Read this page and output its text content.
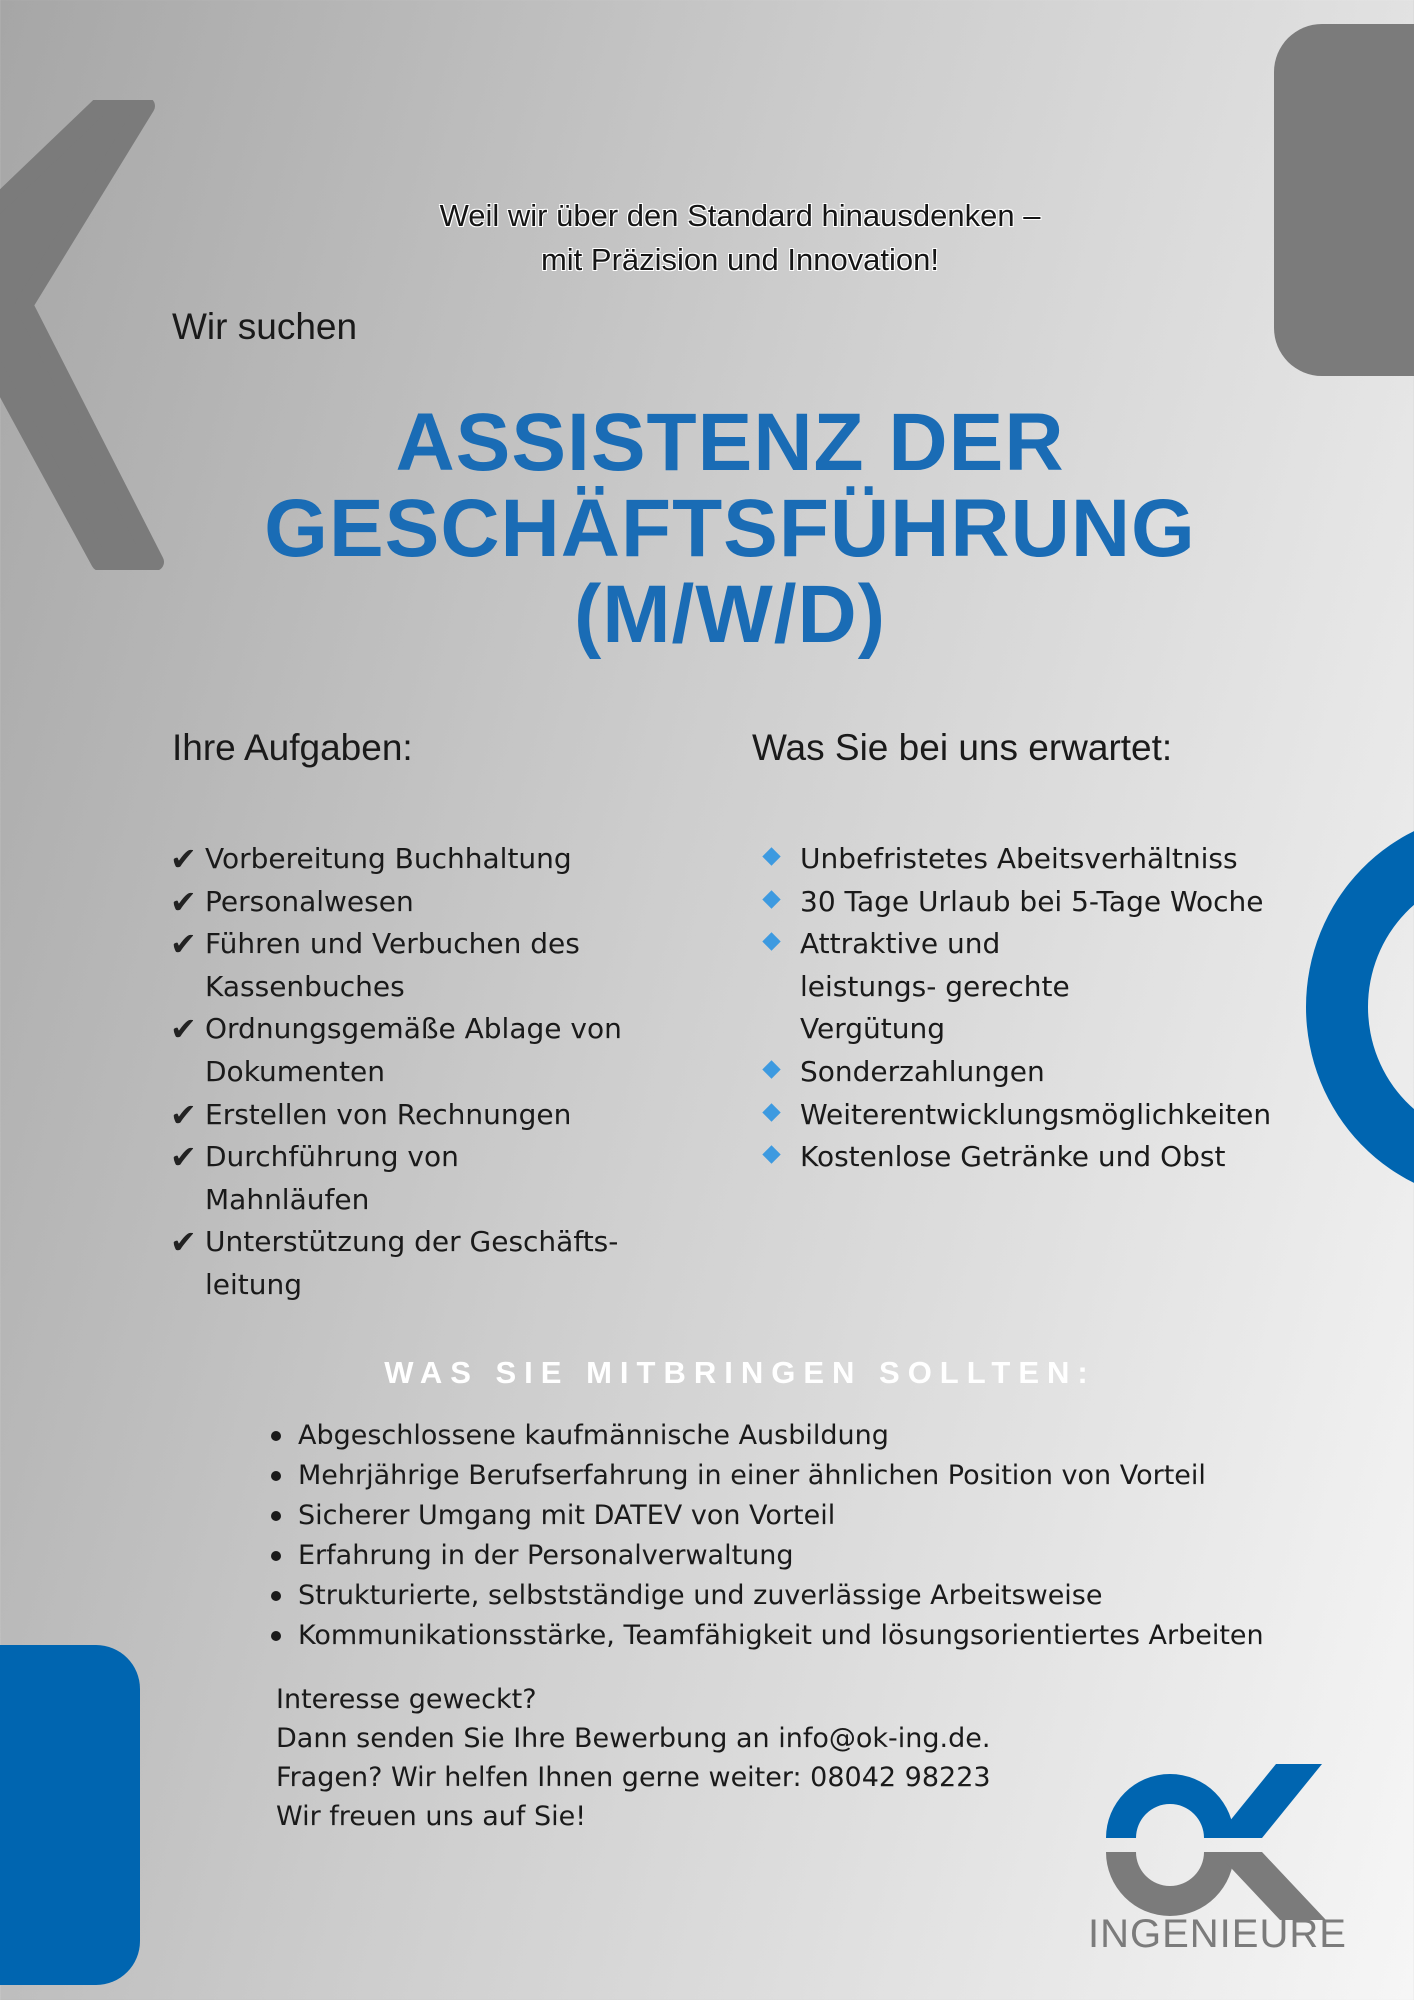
Weil wir über den Standard hinausdenken –
mit Präzision und Innovation!
Wir suchen
ASSISTENZ DER
GESCHÄFTSFÜHRUNG
(M/W/D)
Ihre Aufgaben:	Was Sie bei uns erwartet:
✔ Vorbereitung Buchhaltung
✔ Personalwesen
✔ Führen und Verbuchen des Kassenbuches
✔ Ordnungsgemäße Ablage von Dokumenten
✔ Erstellen von Rechnungen
✔ Durchführung von Mahnläufen
✔ Unterstützung der Geschäfts- leitung
Unbefristetes Abeitsverhältniss
30 Tage Urlaub bei 5-Tage Woche
Attraktive und leistungs- gerechte Vergütung
Sonderzahlungen
Weiterentwicklungsmöglichkeiten
Kostenlose Getränke und Obst
WAS SIE MITBRINGEN SOLLTEN:
Abgeschlossene kaufmännische Ausbildung
Mehrjährige Berufserfahrung in einer ähnlichen Position von Vorteil
Sicherer Umgang mit DATEV von Vorteil
Erfahrung in der Personalverwaltung
Strukturierte, selbstständige und zuverlässige Arbeitsweise
Kommunikationsstärke, Teamfähigkeit und lösungsorientiertes Arbeiten
Interesse geweckt?
Dann senden Sie Ihre Bewerbung an info@ok-ing.de.
Fragen? Wir helfen Ihnen gerne weiter: 08042 98223
Wir freuen uns auf Sie!
INGENIEURE
